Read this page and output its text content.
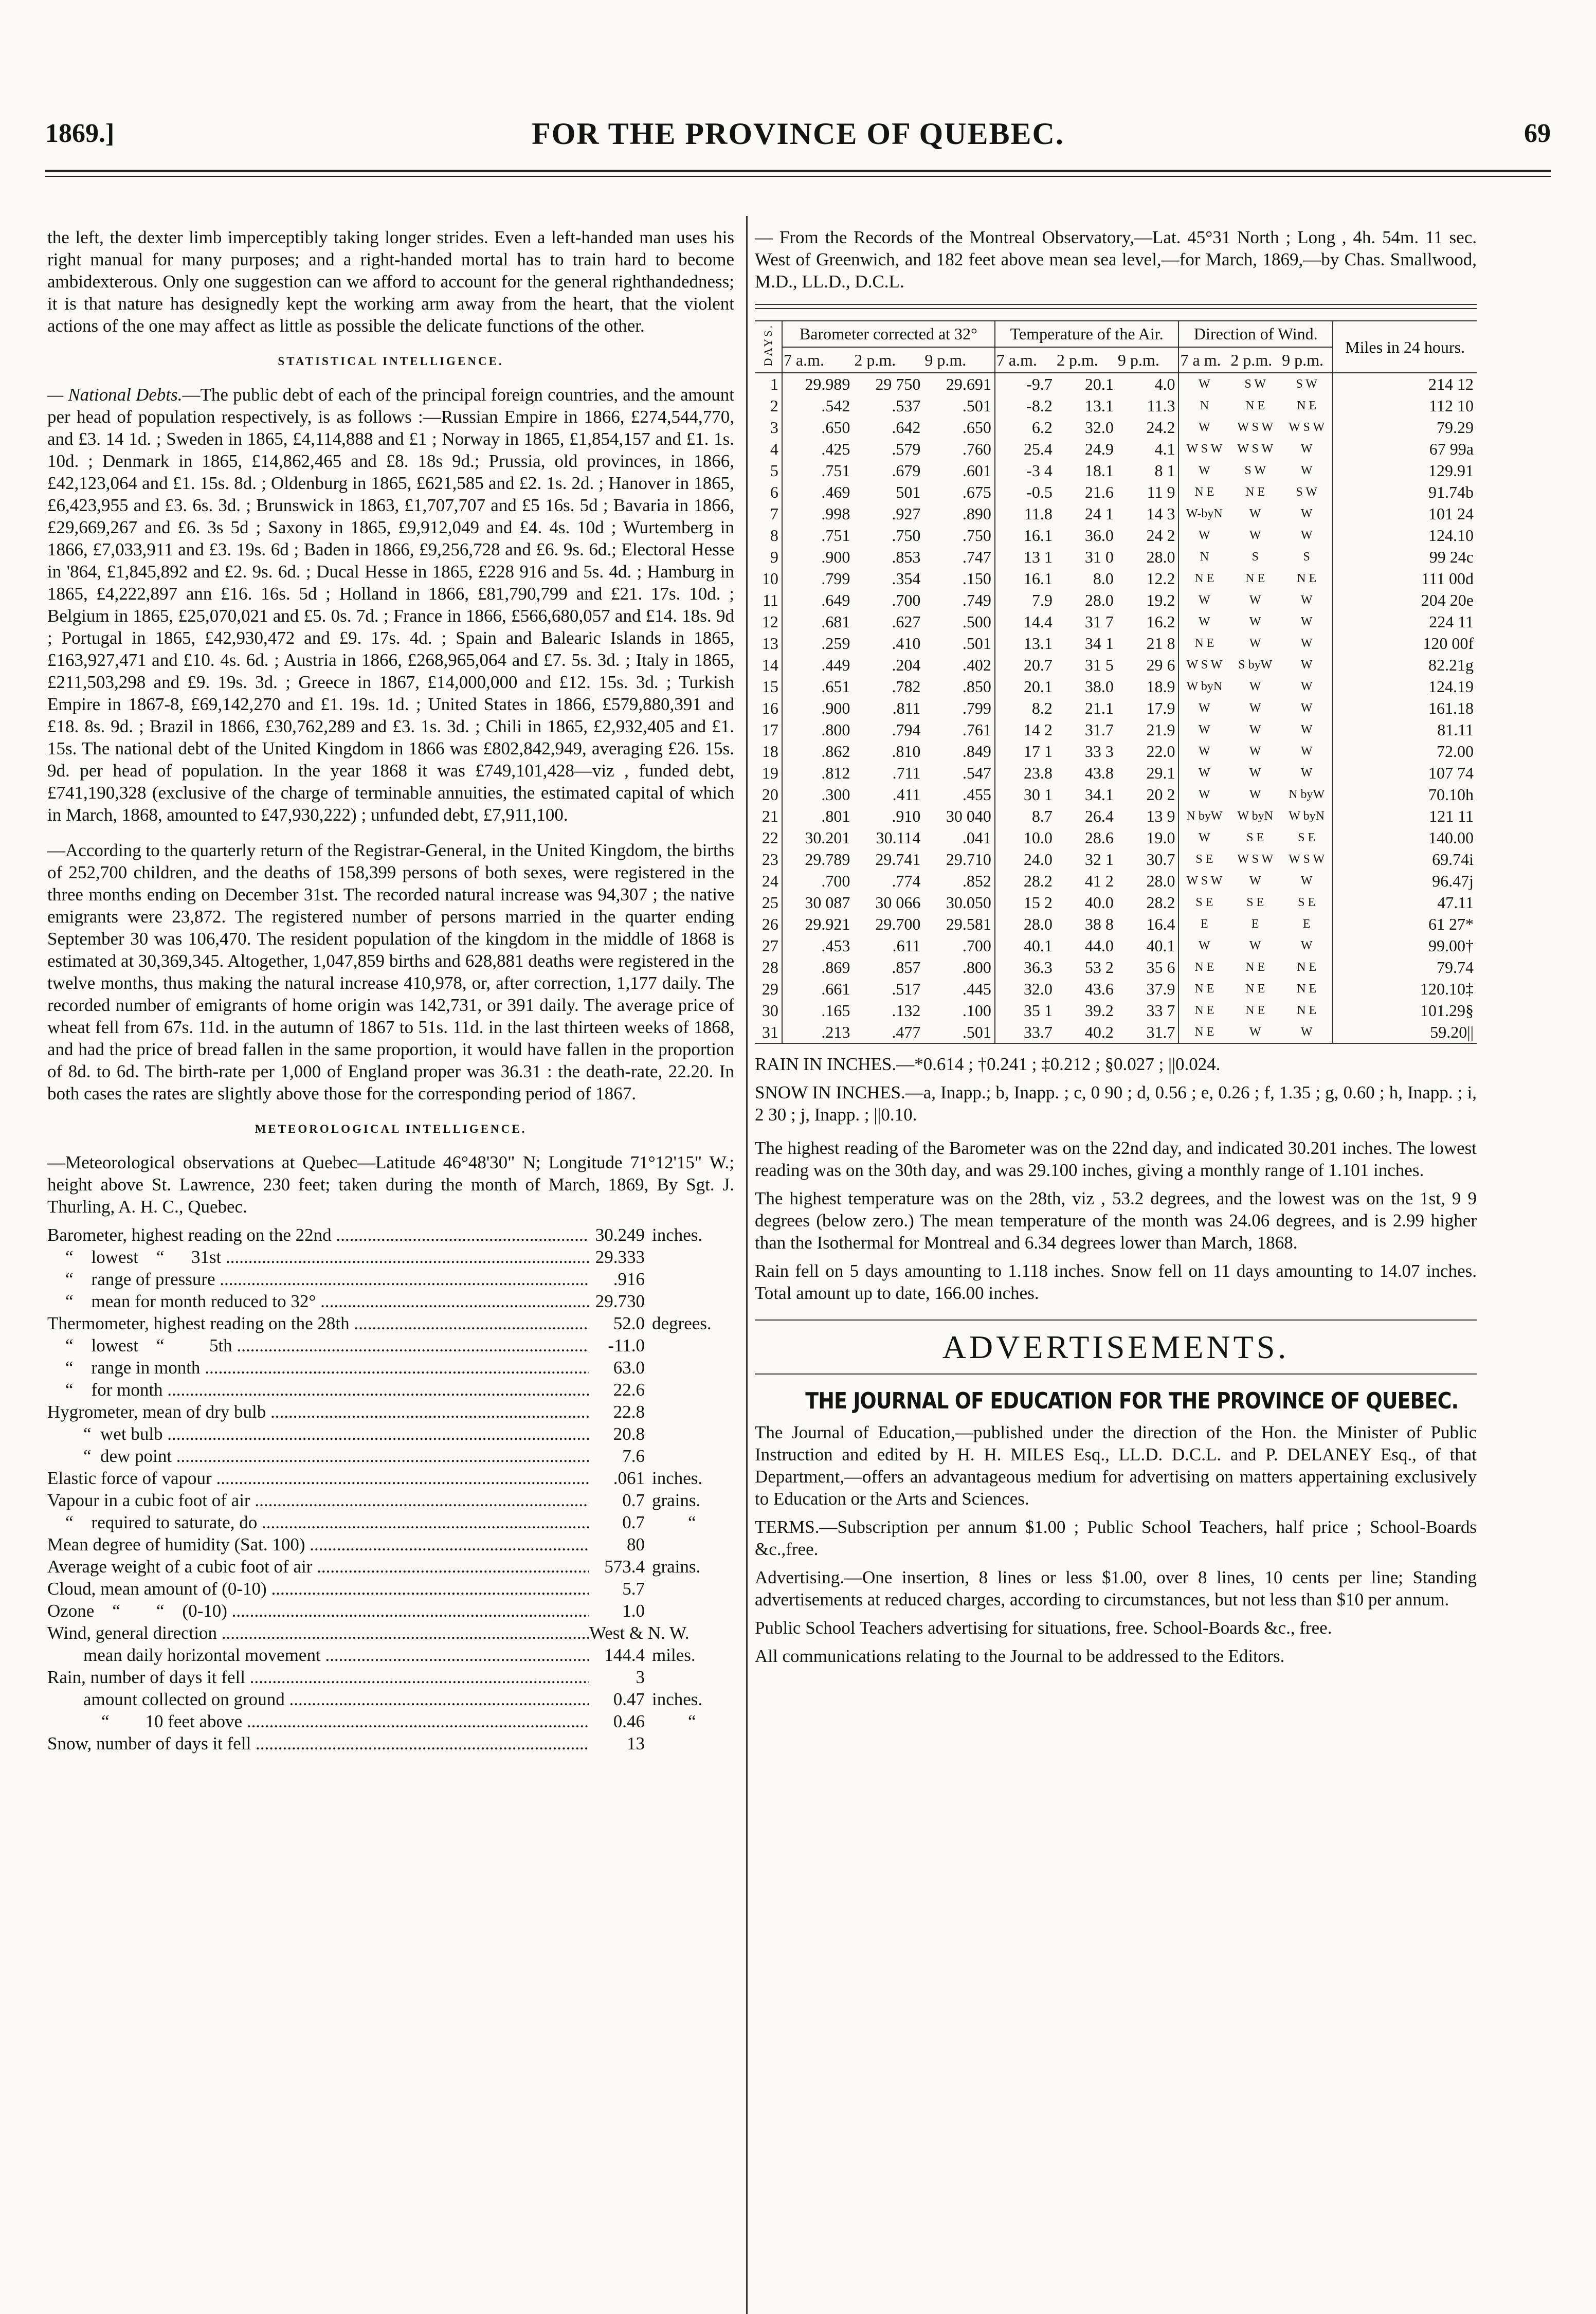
1869.]	FOR THE PROVINCE OF QUEBEC.	69

the left, the dexter limb imperceptibly taking longer strides. Even a left-handed man uses his right manual for many purposes; and a right-handed mortal has to train hard to become ambidexterous. Only one suggestion can we afford to account for the general righthandedness; it is that nature has designedly kept the working arm away from the heart, that the violent actions of the one may affect as little as possible the delicate functions of the other.

STATISTICAL INTELLIGENCE.

— National Debts.—The public debt of each of the principal foreign countries, and the amount per head of population respectively, is as follows :—Russian Empire in 1866, £274,544,770, and £3. 14 1d. ; Sweden in 1865, £4,114,888 and £1 ; Norway in 1865, £1,854,157 and £1. 1s. 10d. ; Denmark in 1865, £14,862,465 and £8. 18s 9d.; Prussia, old provinces, in 1866, £42,123,064 and £1. 15s. 8d. ; Oldenburg in 1865, £621,585 and £2. 1s. 2d. ; Hanover in 1865, £6,423,955 and £3. 6s. 3d. ; Brunswick in 1863, £1,707,707 and £5 16s. 5d ; Bavaria in 1866, £29,669,267 and £6. 3s 5d ; Saxony in 1865, £9,912,049 and £4. 4s. 10d ; Wurtemberg in 1866, £7,033,911 and £3. 19s. 6d ; Baden in 1866, £9,256,728 and £6. 9s. 6d.; Electoral Hesse in '864, £1,845,892 and £2. 9s. 6d. ; Ducal Hesse in 1865, £228 916 and 5s. 4d. ; Hamburg in 1865, £4,222,897 ann £16. 16s. 5d ; Holland in 1866, £81,790,799 and £21. 17s. 10d. ; Belgium in 1865, £25,070,021 and £5. 0s. 7d. ; France in 1866, £566,680,057 and £14. 18s. 9d ; Portugal in 1865, £42,930,472 and £9. 17s. 4d. ; Spain and Balearic Islands in 1865, £163,927,471 and £10. 4s. 6d. ; Austria in 1866, £268,965,064 and £7. 5s. 3d. ; Italy in 1865, £211,503,298 and £9. 19s. 3d. ; Greece in 1867, £14,000,000 and £12. 15s. 3d. ; Turkish Empire in 1867-8, £69,142,270 and £1. 19s. 1d. ; United States in 1866, £579,880,391 and £18. 8s. 9d. ; Brazil in 1866, £30,762,289 and £3. 1s. 3d. ; Chili in 1865, £2,932,405 and £1. 15s. The national debt of the United Kingdom in 1866 was £802,842,949, averaging £26. 15s. 9d. per head of population. In the year 1868 it was £749,101,428—viz , funded debt, £741,190,328 (exclusive of the charge of terminable annuities, the estimated capital of which in March, 1868, amounted to £47,930,222) ; unfunded debt, £7,911,100.

—According to the quarterly return of the Registrar-General, in the United Kingdom, the births of 252,700 children, and the deaths of 158,399 persons of both sexes, were registered in the three months ending on December 31st. The recorded natural increase was 94,307 ; the native emigrants were 23,872. The registered number of persons married in the quarter ending September 30 was 106,470. The resident population of the kingdom in the middle of 1868 is estimated at 30,369,345. Altogether, 1,047,859 births and 628,881 deaths were registered in the twelve months, thus making the natural increase 410,978, or, after correction, 1,177 daily. The recorded number of emigrants of home origin was 142,731, or 391 daily. The average price of wheat fell from 67s. 11d. in the autumn of 1867 to 51s. 11d. in the last thirteen weeks of 1868, and had the price of bread fallen in the same proportion, it would have fallen in the proportion of 8d. to 6d. The birth-rate per 1,000 of England proper was 36.31 : the death-rate, 22.20. In both cases the rates are slightly above those for the corresponding period of 1867.

METEOROLOGICAL INTELLIGENCE.

—Meteorological observations at Quebec—Latitude 46°48'30" N; Longitude 71°12'15" W.; height above St. Lawrence, 230 feet; taken during the month of March, 1869, By Sgt. J. Thurling, A. H. C., Quebec.

Barometer, highest reading on the 22nd .....	30.249 inches.
“    lowest    “      31st .....	29.333
“    range of pressure .....	.916
“    mean for month reduced to 32° .....	29.730
Thermometer, highest reading on the 28th .....	52.0 degrees.
“    lowest    “          5th .....	-11.0
“    range in month .....	63.0
“    for month .....	22.6
Hygrometer, mean of dry bulb .....	22.8
“  wet bulb .....	20.8
“  dew point .....	7.6
Elastic force of vapour .....	.061 inches.
Vapour in a cubic foot of air .....	0.7 grains.
“    required to saturate, do .....	0.7 “
Mean degree of humidity (Sat. 100) .....	80
Average weight of a cubic foot of air .....	573.4 grains.
Cloud, mean amount of (0-10) .....	5.7
Ozone    “        “    (0-10) .....	1.0
Wind, general direction .....	West & N. W.
mean daily horizontal movement .....	144.4 miles.
Rain, number of days it fell .....	3
amount collected on ground .....	0.47 inches.
“        10 feet above .....	0.46 “
Snow, number of days it fell .....	13

— From the Records of the Montreal Observatory,—Lat. 45°31 North ; Long , 4h. 54m. 11 sec. West of Greenwich, and 182 feet above mean sea level,—for March, 1869,—by Chas. Smallwood, M.D., LL.D., D.C.L.

DAYS.	Barometer corrected at 32°			Temperature of the Air.			Direction of Wind.			Miles in 24 hours.
	7 a.m.	2 p.m.	9 p.m.	7 a.m.	2 p.m.	9 p.m.	7 a m.	2 p.m.	9 p.m.	
1	29.989	29 750	29.691	-9.7	20.1	4.0	W	S W	S W	214 12
2	.542	.537	.501	-8.2	13.1	11.3	N	N E	N E	112 10
3	.650	.642	.650	6.2	32.0	24.2	W	W S W	W S W	79.29
4	.425	.579	.760	25.4	24.9	4.1	W S W	W S W	W	67 99a
5	.751	.679	.601	-3 4	18.1	8 1	W	S W	W	129.91
6	.469	501	.675	-0.5	21.6	11 9	N E	N E	S W	91.74b
7	.998	.927	.890	11.8	24 1	14 3	W-byN	W	W	101 24
8	.751	.750	.750	16.1	36.0	24 2	W	W	W	124.10
9	.900	.853	.747	13 1	31 0	28.0	N	S	S	99 24c
10	.799	.354	.150	16.1	8.0	12.2	N E	N E	N E	111 00d
11	.649	.700	.749	7.9	28.0	19.2	W	W	W	204 20e
12	.681	.627	.500	14.4	31 7	16.2	W	W	W	224 11
13	.259	.410	.501	13.1	34 1	21 8	N E	W	W	120 00f
14	.449	.204	.402	20.7	31 5	29 6	W S W	S byW	W	82.21g
15	.651	.782	.850	20.1	38.0	18.9	W byN	W	W	124.19
16	.900	.811	.799	8.2	21.1	17.9	W	W	W	161.18
17	.800	.794	.761	14 2	31.7	21.9	W	W	W	81.11
18	.862	.810	.849	17 1	33 3	22.0	W	W	W	72.00
19	.812	.711	.547	23.8	43.8	29.1	W	W	W	107 74
20	.300	.411	.455	30 1	34.1	20 2	W	W	N byW	70.10h
21	.801	.910	30 040	8.7	26.4	13 9	N byW	W byN	W byN	121 11
22	30.201	30.114	.041	10.0	28.6	19.0	W	S E	S E	140.00
23	29.789	29.741	29.710	24.0	32 1	30.7	S E	W S W	W S W	69.74i
24	.700	.774	.852	28.2	41 2	28.0	W S W	W	W	96.47j
25	30 087	30 066	30.050	15 2	40.0	28.2	S E	S E	S E	47.11
26	29.921	29.700	29.581	28.0	38 8	16.4	E	E	E	61 27*
27	.453	.611	.700	40.1	44.0	40.1	W	W	W	99.00†
28	.869	.857	.800	36.3	53 2	35 6	N E	N E	N E	79.74
29	.661	.517	.445	32.0	43.6	37.9	N E	N E	N E	120.10‡
30	.165	.132	.100	35 1	39.2	33 7	N E	N E	N E	101.29§
31	.213	.477	.501	33.7	40.2	31.7	N E	W	W	59.20||

RAIN IN INCHES.—*0.614 ; †0.241 ; ‡0.212 ; §0.027 ; ||0.024.

SNOW IN INCHES.—a, Inapp.; b, Inapp. ; c, 0 90 ; d, 0.56 ; e, 0.26 ; f, 1.35 ; g, 0.60 ; h, Inapp. ; i, 2 30 ; j, Inapp. ; ||0.10.

The highest reading of the Barometer was on the 22nd day, and indicated 30.201 inches. The lowest reading was on the 30th day, and was 29.100 inches, giving a monthly range of 1.101 inches.

The highest temperature was on the 28th, viz , 53.2 degrees, and the lowest was on the 1st, 9 9 degrees (below zero.) The mean temperature of the month was 24.06 degrees, and is 2.99 higher than the Isothermal for Montreal and 6.34 degrees lower than March, 1868.

Rain fell on 5 days amounting to 1.118 inches. Snow fell on 11 days amounting to 14.07 inches. Total amount up to date, 166.00 inches.

ADVERTISEMENTS.
THE JOURNAL OF EDUCATION FOR THE PROVINCE OF QUEBEC.

The Journal of Education,—published under the direction of the Hon. the Minister of Public Instruction and edited by H. H. MILES Esq., LL.D. D.C.L. and P. DELANEY Esq., of that Department,—offers an advantageous medium for advertising on matters appertaining exclusively to Education or the Arts and Sciences.

TERMS.—Subscription per annum $1.00 ; Public School Teachers, half price ; School-Boards &c.,free.

Advertising.—One insertion, 8 lines or less $1.00, over 8 lines, 10 cents per line; Standing advertisements at reduced charges, according to circumstances, but not less than $10 per annum.

Public School Teachers advertising for situations, free. School-Boards &c., free.

All communications relating to the Journal to be addressed to the Editors.
